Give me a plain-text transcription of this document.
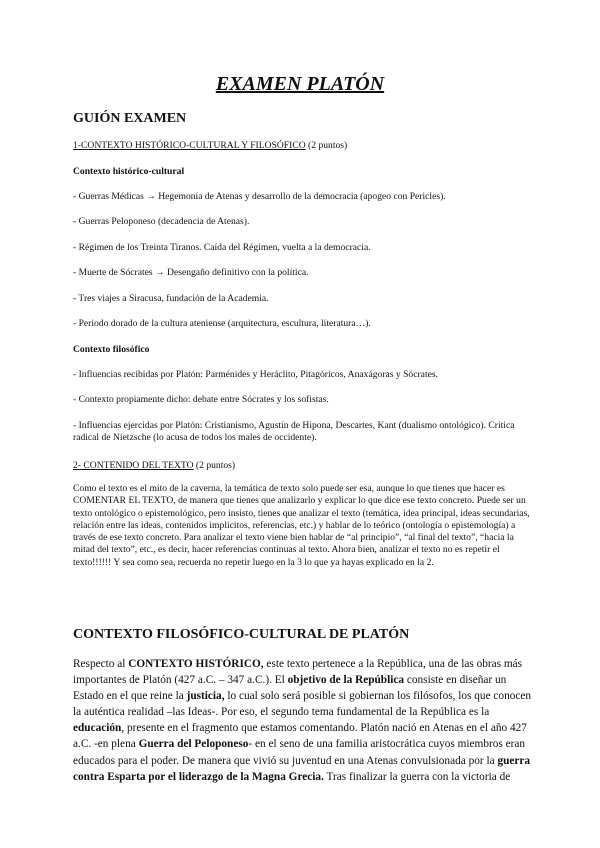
EXAMEN PLATÓN
GUIÓN EXAMEN
1-CONTEXTO HISTÓRICO-CULTURAL Y FILOSÓFICO (2 puntos)
Contexto histórico-cultural
- Guerras Médicas → Hegemonía de Atenas y desarrollo de la democracia (apogeo con Pericles).
- Guerras Peloponeso (decadencia de Atenas).
- Régimen de los Treinta Tiranos. Caída del Régimen, vuelta a la democracia.
- Muerte de Sócrates → Desengaño definitivo con la política.
- Tres viajes a Siracusa, fundación de la Academia.
- Periodo dorado de la cultura ateniense (arquitectura, escultura, literatura…).
Contexto filosófico
- Influencias recibidas por Platón: Parménides y Heráclito, Pitagóricos, Anaxágoras y Sócrates.
- Contexto propiamente dicho: debate entre Sócrates y los sofistas.
- Influencias ejercidas por Platón: Cristianismo, Agustín de Hipona, Descartes, Kant (dualismo ontológico). Crítica radical de Nietzsche (lo acusa de todos los males de occidente).
2- CONTENIDO DEL TEXTO (2 puntos)
Como el texto es el mito de la caverna, la temática de texto solo puede ser esa, aunque lo que tienes que hacer es COMENTAR EL TEXTO, de manera que tienes que analizarlo y explicar lo que dice ese texto concreto. Puede ser un texto ontológico o epistemológico, pero insisto, tienes que analizar el texto (temática, idea principal, ideas secundarias, relación entre las ideas, contenidos implícitos, referencias, etc.) y hablar de lo teórico (ontología o epistemología) a través de ese texto concreto. Para analizar el texto viene bien hablar de “al principio”, “al final del texto”, “hacia la mitad del texto”, etc., es decir, hacer referencias continuas al texto. Ahora bien, analizar el texto no es repetir el texto!!!!!! Y sea como sea, recuerda no repetir luego en la 3 lo que ya hayas explicado en la 2.
CONTEXTO FILOSÓFICO-CULTURAL DE PLATÓN
Respecto al CONTEXTO HISTÓRICO, este texto pertenece a la República, una de las obras más importantes de Platón (427 a.C. – 347 a.C.). El objetivo de la República consiste en diseñar un Estado en el que reine la justicia, lo cual solo será posible si gobiernan los filósofos, los que conocen la auténtica realidad –las Ideas-. Por eso, el segundo tema fundamental de la República es la educación, presente en el fragmento que estamos comentando. Platón nació en Atenas en el año 427 a.C. -en plena Guerra del Peloponeso- en el seno de una familia aristocrática cuyos miembros eran educados para el poder. De manera que vivió su juventud en una Atenas convulsionada por la guerra contra Esparta por el liderazgo de la Magna Grecia. Tras finalizar la guerra con la victoria de
